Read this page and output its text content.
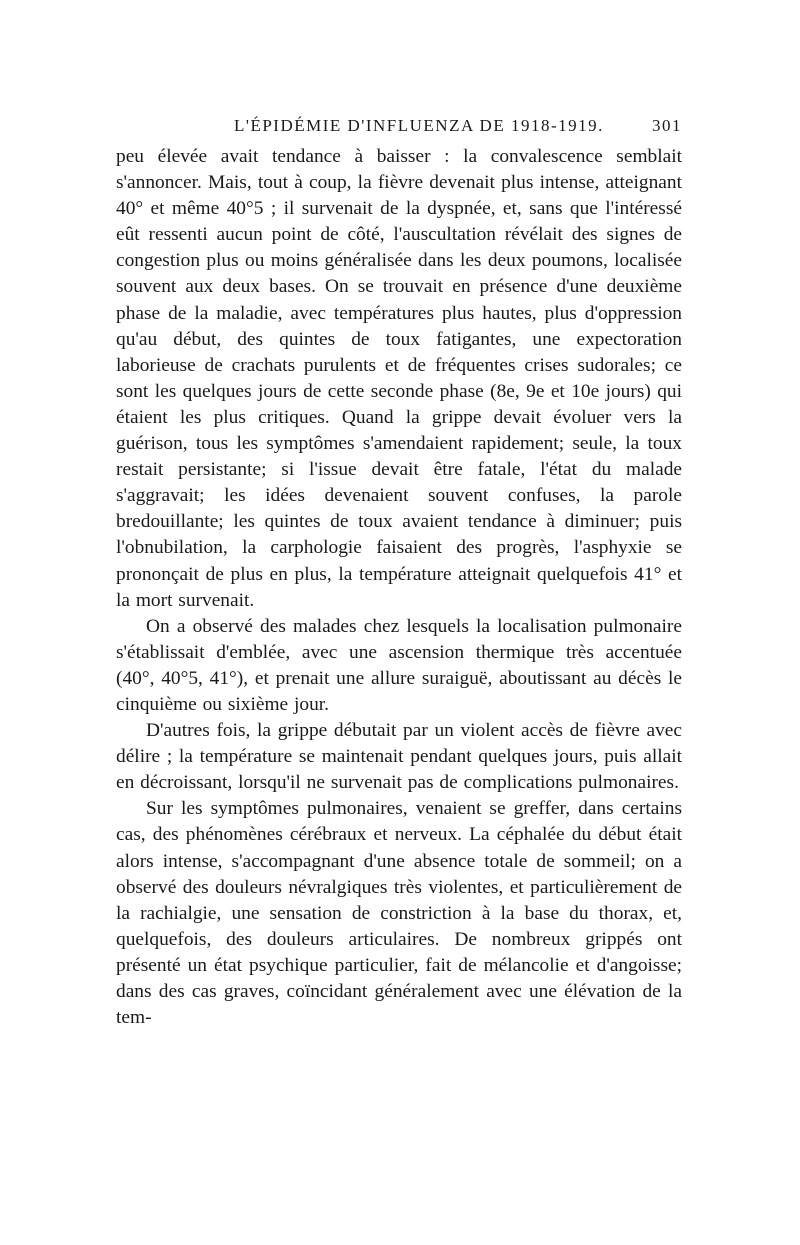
L'ÉPIDÉMIE D'INFLUENZA DE 1918-1919.	301

peu élevée avait tendance à baisser : la convalescence semblait s'annoncer. Mais, tout à coup, la fièvre devenait plus intense, atteignant 40° et même 40°5 ; il survenait de la dyspnée, et, sans que l'intéressé eût ressenti aucun point de côté, l'auscultation révélait des signes de congestion plus ou moins généralisée dans les deux poumons, localisée souvent aux deux bases. On se trouvait en présence d'une deuxième phase de la maladie, avec températures plus hautes, plus d'oppression qu'au début, des quintes de toux fatigantes, une expectoration laborieuse de crachats purulents et de fréquentes crises sudorales; ce sont les quelques jours de cette seconde phase (8e, 9e et 10e jours) qui étaient les plus critiques. Quand la grippe devait évoluer vers la guérison, tous les symptômes s'amendaient rapidement; seule, la toux restait persistante; si l'issue devait être fatale, l'état du malade s'aggravait; les idées devenaient souvent confuses, la parole bredouillante; les quintes de toux avaient tendance à diminuer; puis l'obnubilation, la carphologie faisaient des progrès, l'asphyxie se prononçait de plus en plus, la température atteignait quelquefois 41° et la mort survenait.

On a observé des malades chez lesquels la localisation pulmonaire s'établissait d'emblée, avec une ascension thermique très accentuée (40°, 40°5, 41°), et prenait une allure suraiguë, aboutissant au décès le cinquième ou sixième jour.

D'autres fois, la grippe débutait par un violent accès de fièvre avec délire ; la température se maintenait pendant quelques jours, puis allait en décroissant, lorsqu'il ne survenait pas de complications pulmonaires.

Sur les symptômes pulmonaires, venaient se greffer, dans certains cas, des phénomènes cérébraux et nerveux. La céphalée du début était alors intense, s'accompagnant d'une absence totale de sommeil; on a observé des douleurs névralgiques très violentes, et particulièrement de la rachialgie, une sensation de constriction à la base du thorax, et, quelquefois, des douleurs articulaires. De nombreux grippés ont présenté un état psychique particulier, fait de mélancolie et d'angoisse; dans des cas graves, coïncidant généralement avec une élévation de la tem-
